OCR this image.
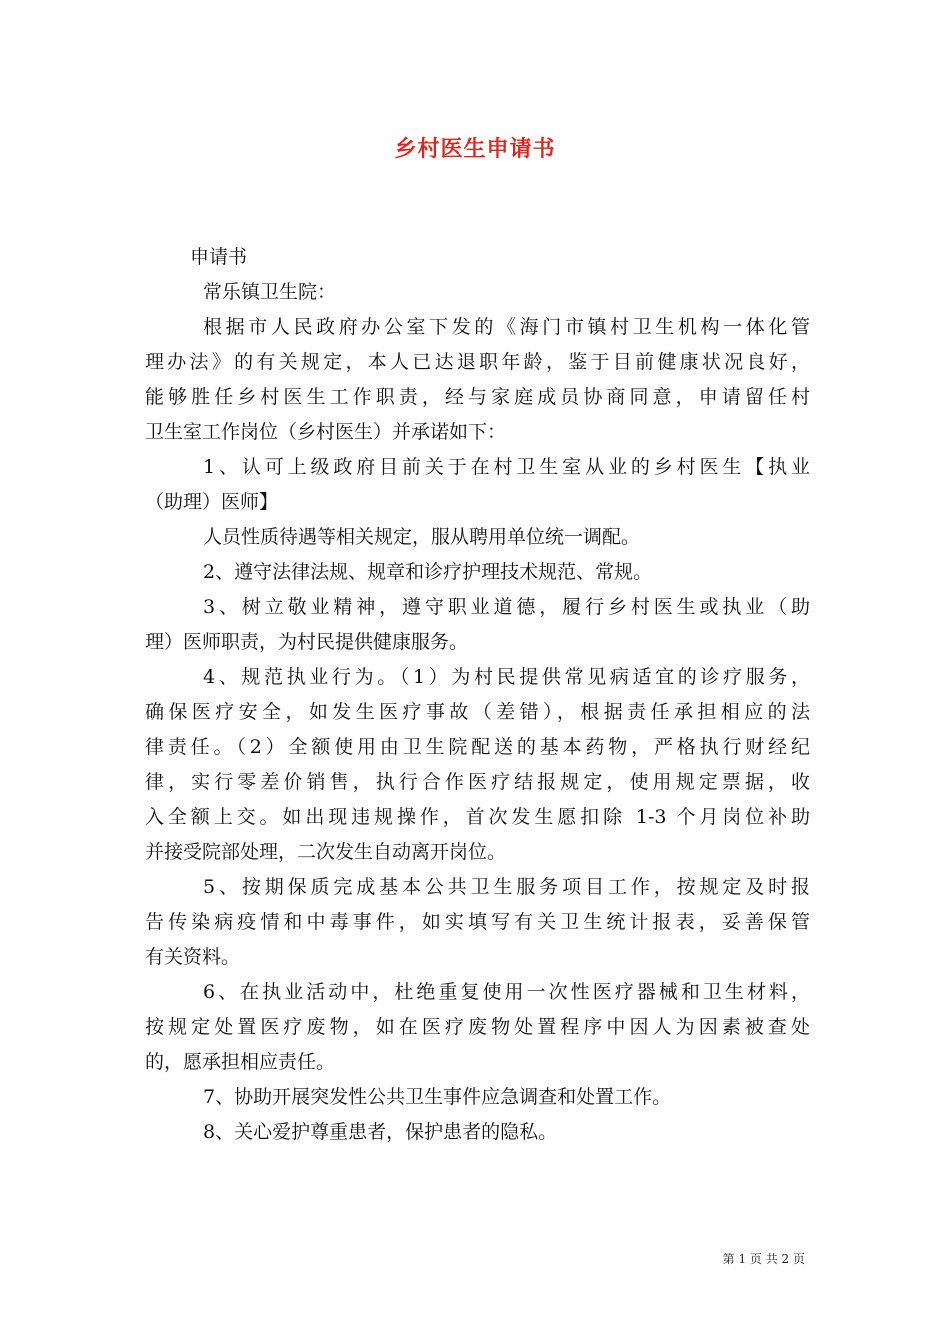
乡村医生申请书
申请书
常乐镇卫生院：
根据市人民政府办公室下发的《海门市镇村卫生机构一体化管
理办法》的有关规定，本人已达退职年龄，鉴于目前健康状况良好，
能够胜任乡村医生工作职责，经与家庭成员协商同意，申请留任村
卫生室工作岗位（乡村医生）并承诺如下：
1、认可上级政府目前关于在村卫生室从业的乡村医生【执业
（助理）医师】
人员性质待遇等相关规定，服从聘用单位统一调配。
2、遵守法律法规、规章和诊疗护理技术规范、常规。
3、树立敬业精神，遵守职业道德，履行乡村医生或执业（助
理）医师职责，为村民提供健康服务。
4、规范执业行为。（1）为村民提供常见病适宜的诊疗服务，
确保医疗安全，如发生医疗事故（差错），根据责任承担相应的法
律责任。（2）全额使用由卫生院配送的基本药物，严格执行财经纪
律，实行零差价销售，执行合作医疗结报规定，使用规定票据，收
入全额上交。如出现违规操作，首次发生愿扣除 1-3 个月岗位补助
并接受院部处理，二次发生自动离开岗位。
5、按期保质完成基本公共卫生服务项目工作，按规定及时报
告传染病疫情和中毒事件，如实填写有关卫生统计报表，妥善保管
有关资料。
6、在执业活动中，杜绝重复使用一次性医疗器械和卫生材料，
按规定处置医疗废物，如在医疗废物处置程序中因人为因素被查处
的，愿承担相应责任。
7、协助开展突发性公共卫生事件应急调查和处置工作。
8、关心爱护尊重患者，保护患者的隐私。
第 1 页 共 2 页
